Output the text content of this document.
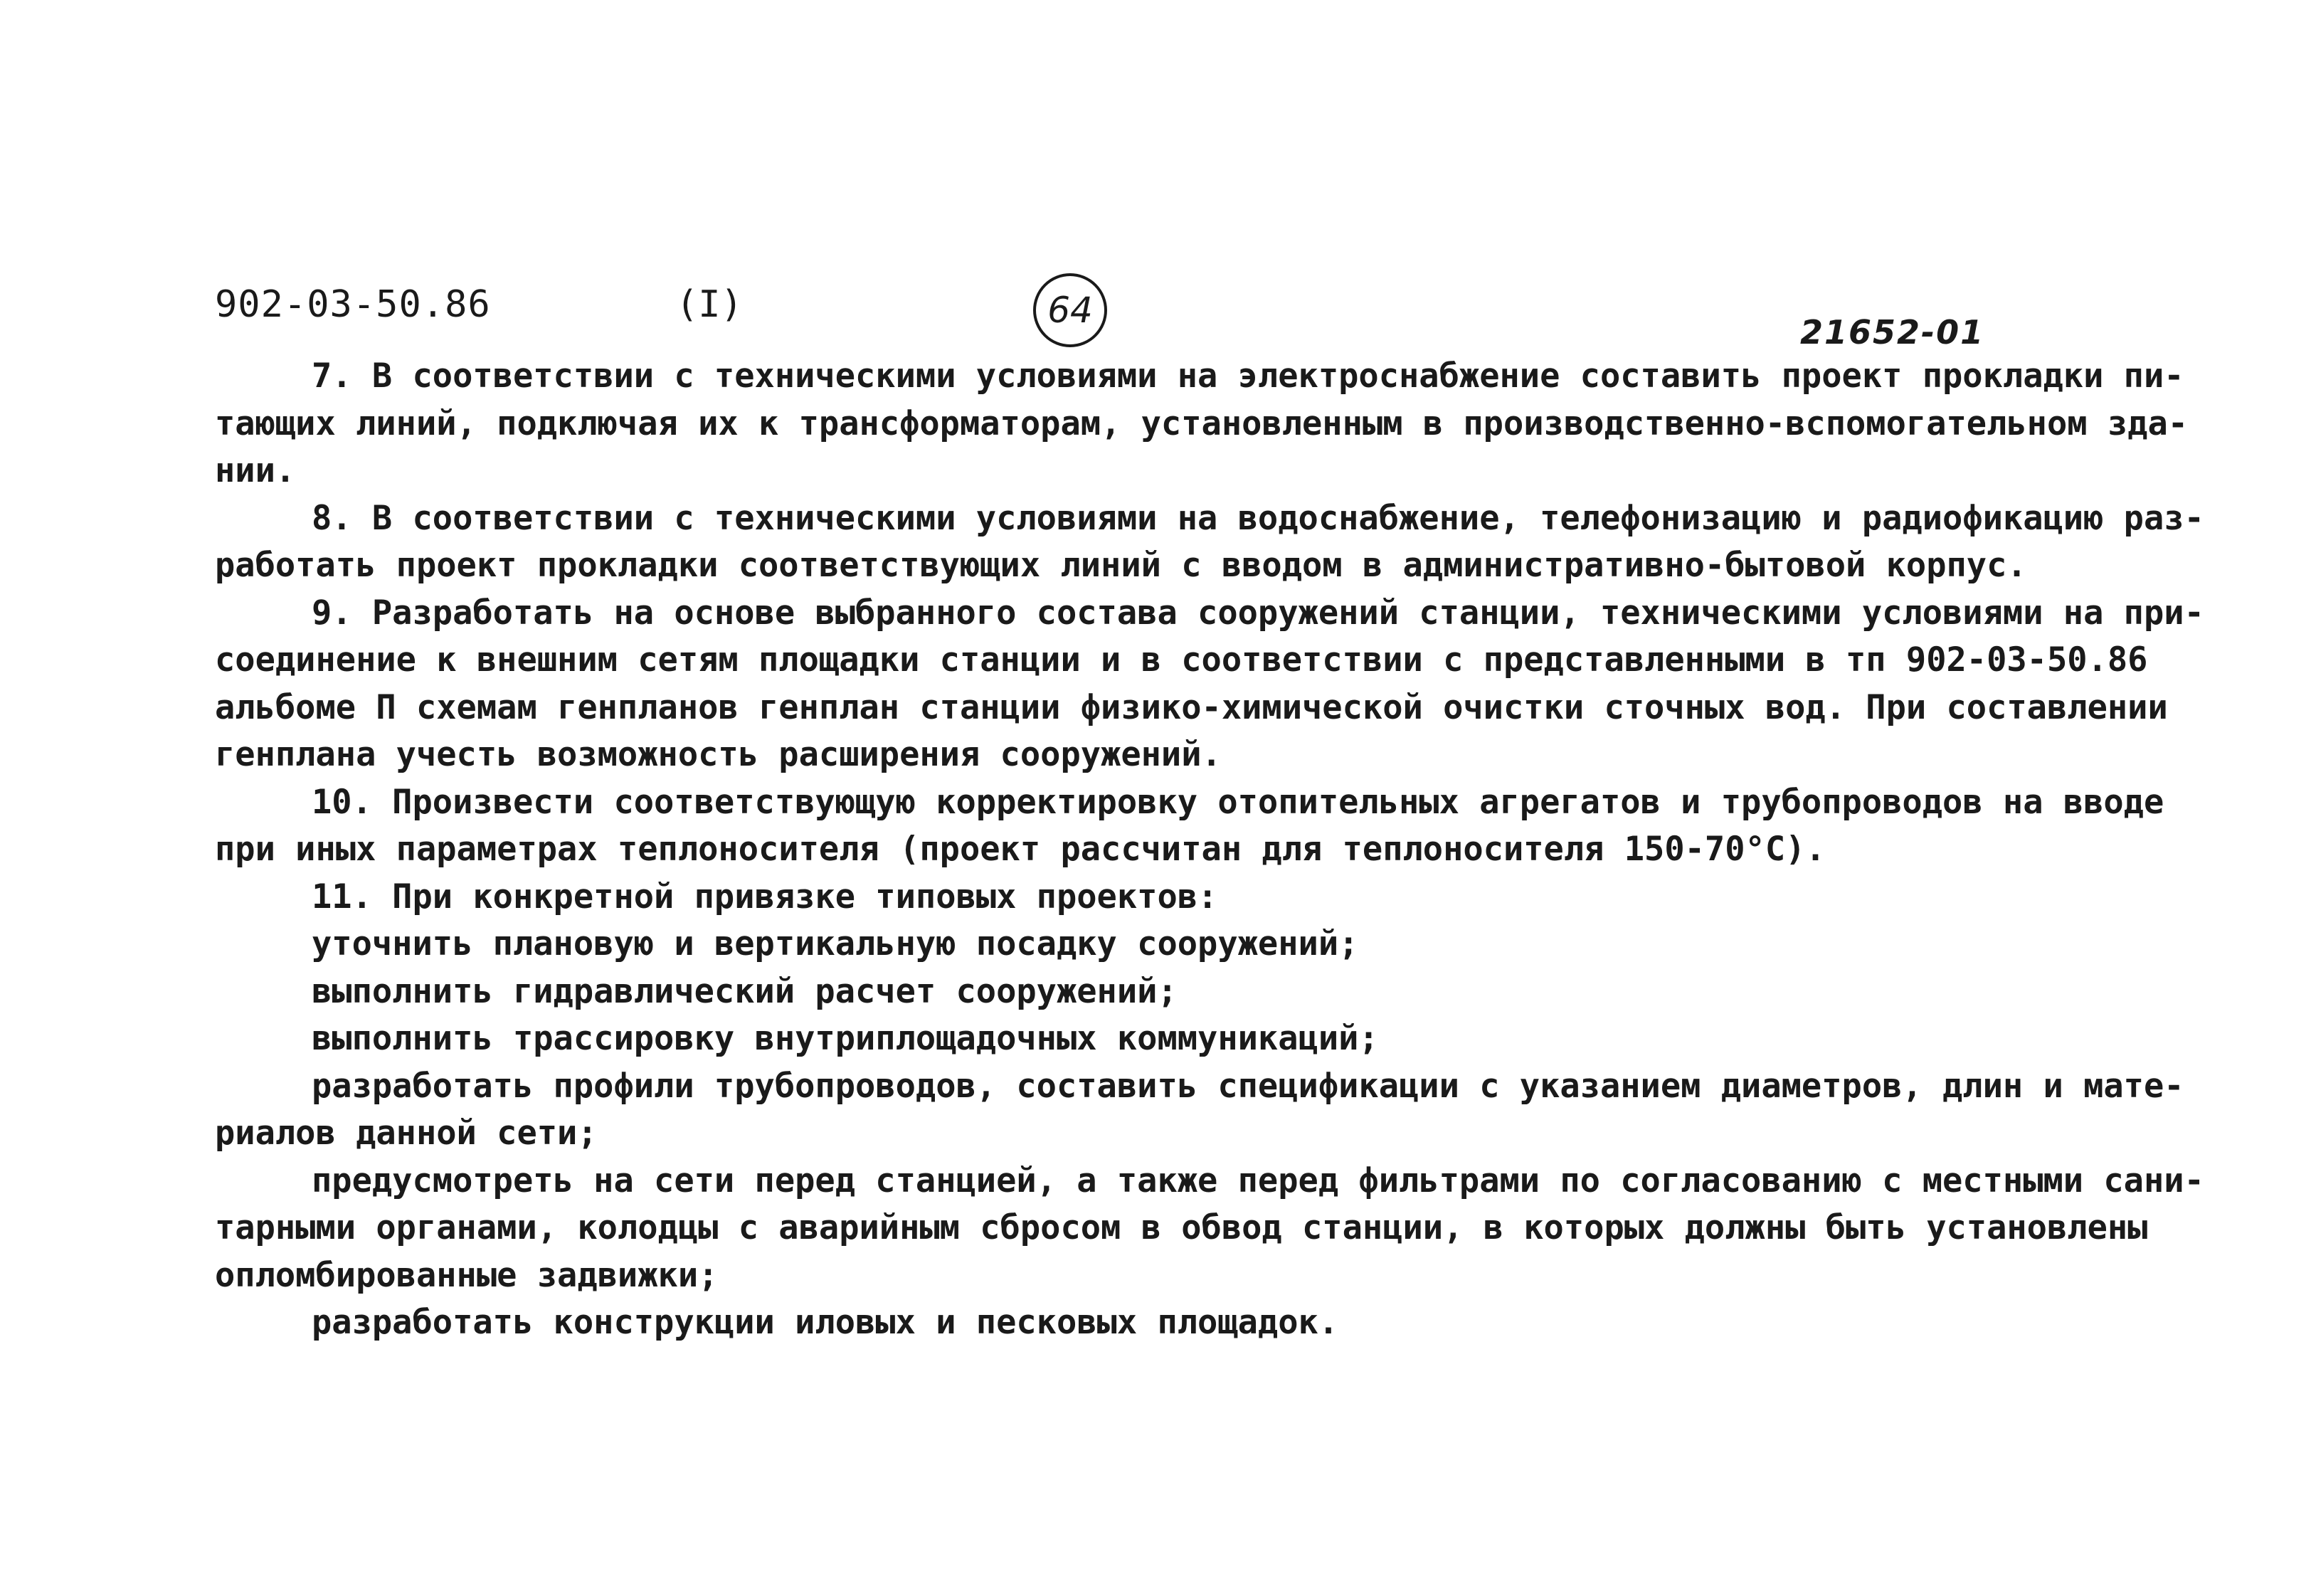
902-03-50.86	(I)	64
21652-01
7. В соответствии с техническими условиями на электроснабжение составить проект прокладки пи-
тающих линий, подключая их к трансформаторам, установленным в производственно-вспомогательном зда-
нии.
8. В соответствии с техническими условиями на водоснабжение, телефонизацию и радиофикацию раз-
работать проект прокладки соответствующих линий с вводом в административно-бытовой корпус.
9. Разработать на основе выбранного состава сооружений станции, техническими условиями на при-
соединение к внешним сетям площадки станции и в соответствии с представленными в тп 902-03-50.86
альбоме П схемам генпланов генплан станции физико-химической очистки сточных вод. При составлении
генплана учесть возможность расширения сооружений.
10. Произвести соответствующую корректировку отопительных агрегатов и трубопроводов на вводе
при иных параметрах теплоносителя (проект рассчитан для теплоносителя 150-70°С).
11. При конкретной привязке типовых проектов:
уточнить плановую и вертикальную посадку сооружений;
выполнить гидравлический расчет сооружений;
выполнить трассировку внутриплощадочных коммуникаций;
разработать профили трубопроводов, составить спецификации с указанием диаметров, длин и мате-
риалов данной сети;
предусмотреть на сети перед станцией, а также перед фильтрами по согласованию с местными сани-
тарными органами, колодцы с аварийным сбросом в обвод станции, в которых должны быть установлены
опломбированные задвижки;
разработать конструкции иловых и песковых площадок.
